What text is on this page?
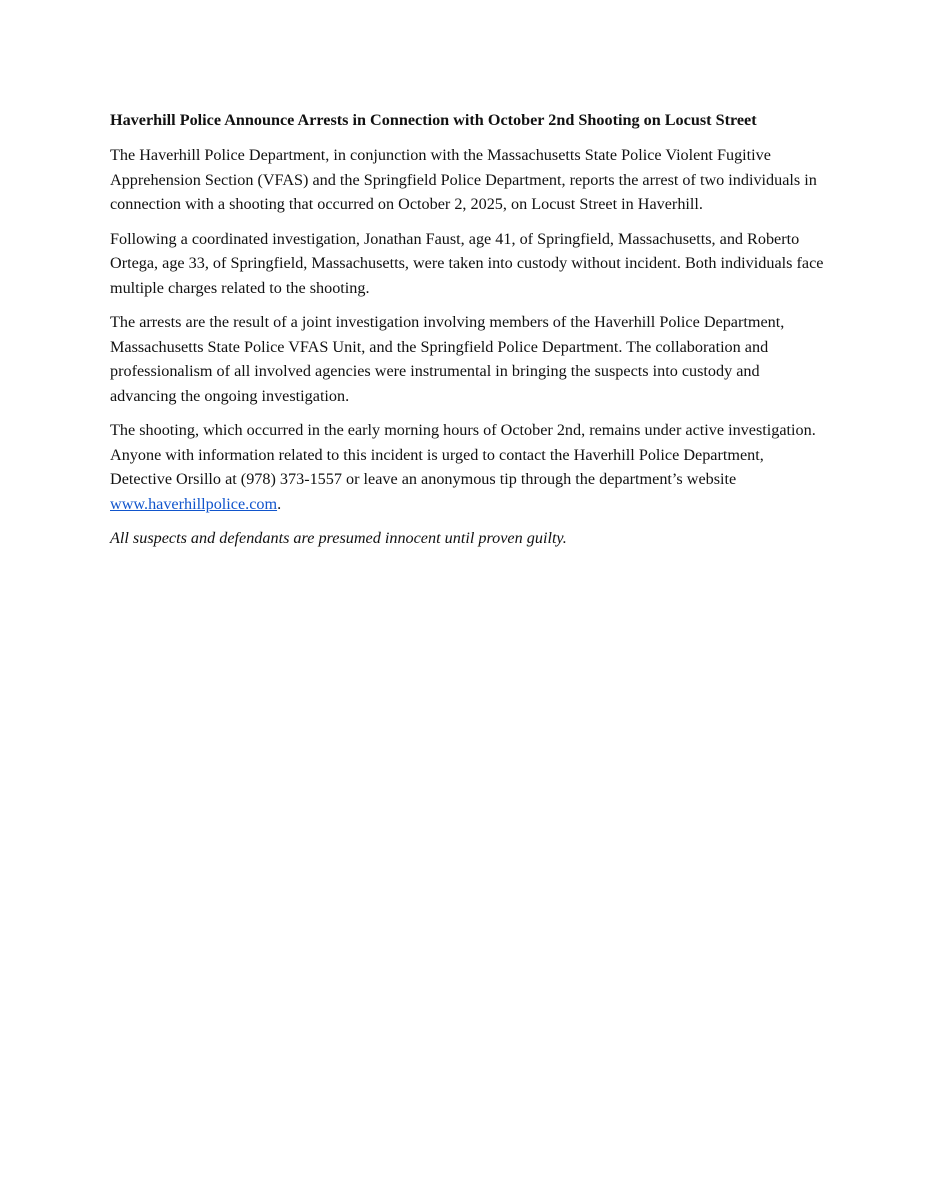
Haverhill Police Announce Arrests in Connection with October 2nd Shooting on Locust Street

The Haverhill Police Department, in conjunction with the Massachusetts State Police Violent Fugitive Apprehension Section (VFAS) and the Springfield Police Department, reports the arrest of two individuals in connection with a shooting that occurred on October 2, 2025, on Locust Street in Haverhill.

Following a coordinated investigation, Jonathan Faust, age 41, of Springfield, Massachusetts, and Roberto Ortega, age 33, of Springfield, Massachusetts, were taken into custody without incident. Both individuals face multiple charges related to the shooting.

The arrests are the result of a joint investigation involving members of the Haverhill Police Department, Massachusetts State Police VFAS Unit, and the Springfield Police Department. The collaboration and professionalism of all involved agencies were instrumental in bringing the suspects into custody and advancing the ongoing investigation.

The shooting, which occurred in the early morning hours of October 2nd, remains under active investigation. Anyone with information related to this incident is urged to contact the Haverhill Police Department, Detective Orsillo at (978) 373-1557 or leave an anonymous tip through the department’s website www.haverhillpolice.com.

All suspects and defendants are presumed innocent until proven guilty.
